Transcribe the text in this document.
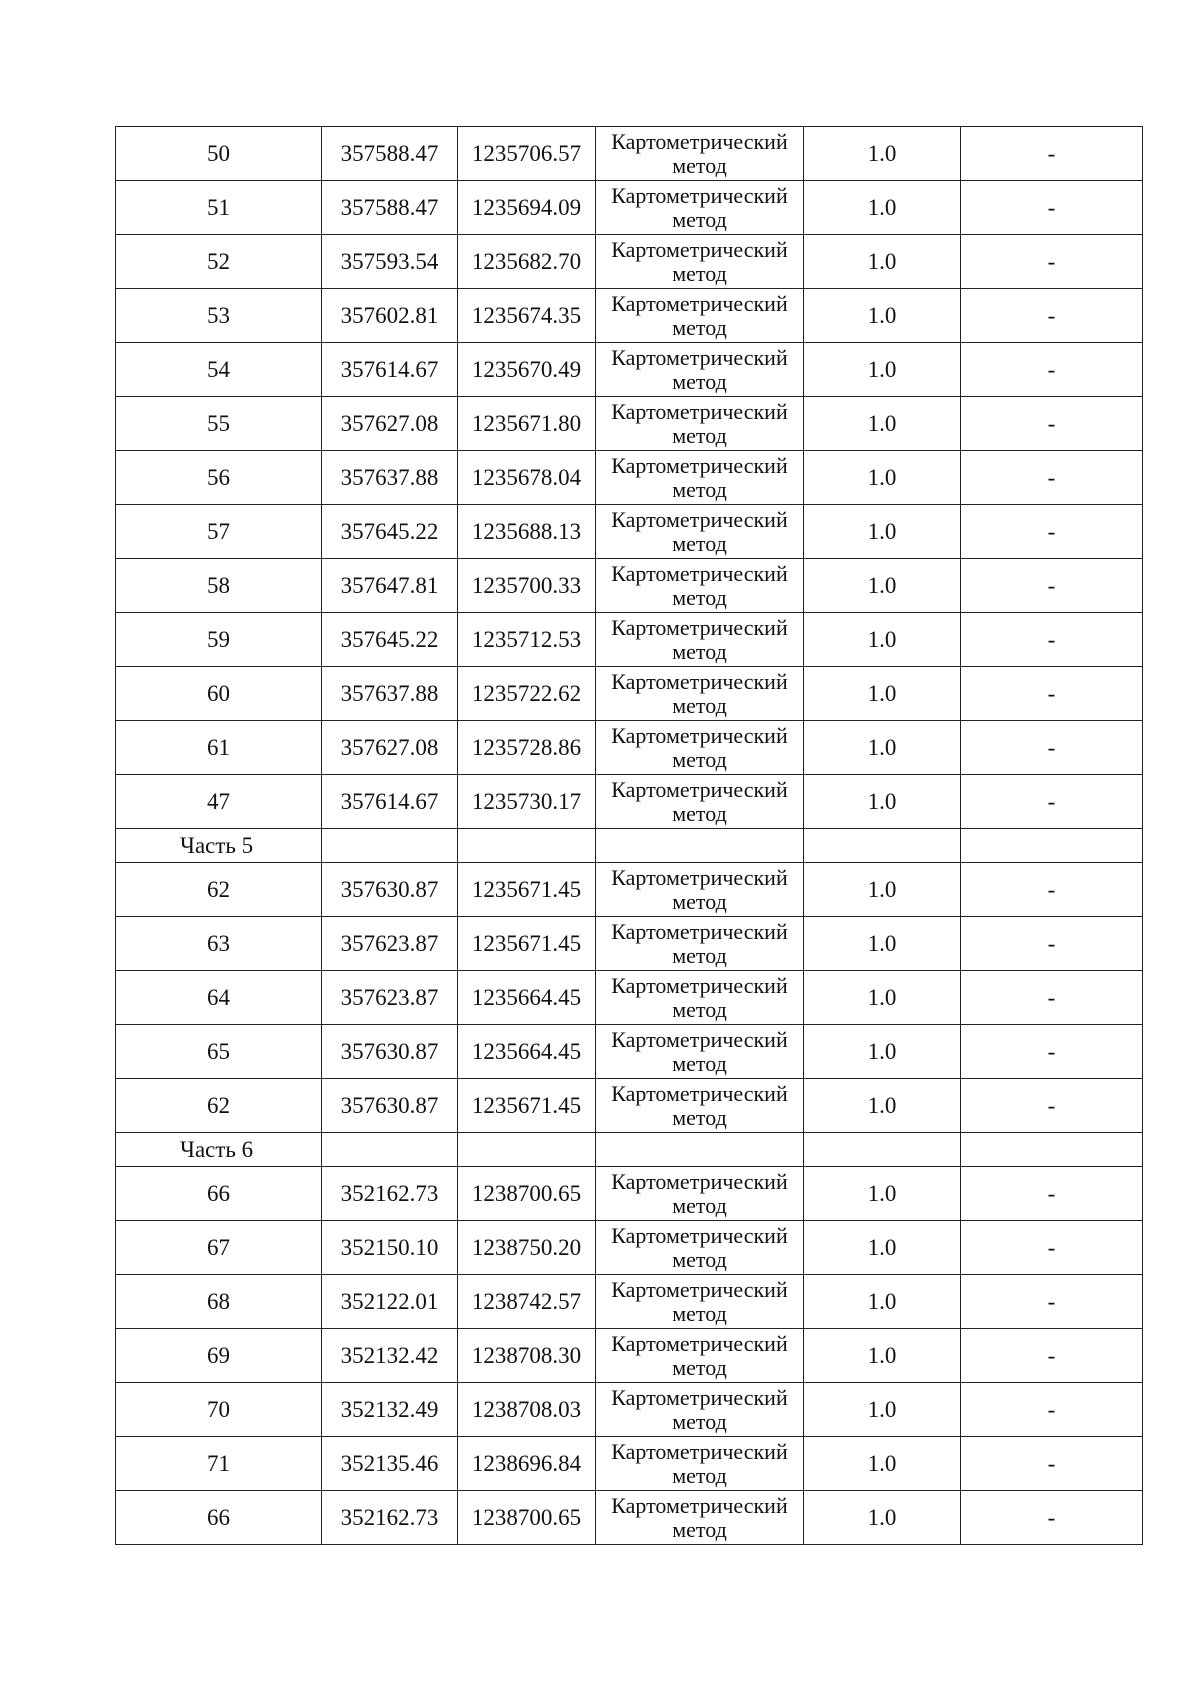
50	357588.47	1235706.57	Картометрический метод	1.0	-
51	357588.47	1235694.09	Картометрический метод	1.0	-
52	357593.54	1235682.70	Картометрический метод	1.0	-
53	357602.81	1235674.35	Картометрический метод	1.0	-
54	357614.67	1235670.49	Картометрический метод	1.0	-
55	357627.08	1235671.80	Картометрический метод	1.0	-
56	357637.88	1235678.04	Картометрический метод	1.0	-
57	357645.22	1235688.13	Картометрический метод	1.0	-
58	357647.81	1235700.33	Картометрический метод	1.0	-
59	357645.22	1235712.53	Картометрический метод	1.0	-
60	357637.88	1235722.62	Картометрический метод	1.0	-
61	357627.08	1235728.86	Картометрический метод	1.0	-
47	357614.67	1235730.17	Картометрический метод	1.0	-
Часть 5					
62	357630.87	1235671.45	Картометрический метод	1.0	-
63	357623.87	1235671.45	Картометрический метод	1.0	-
64	357623.87	1235664.45	Картометрический метод	1.0	-
65	357630.87	1235664.45	Картометрический метод	1.0	-
62	357630.87	1235671.45	Картометрический метод	1.0	-
Часть 6					
66	352162.73	1238700.65	Картометрический метод	1.0	-
67	352150.10	1238750.20	Картометрический метод	1.0	-
68	352122.01	1238742.57	Картометрический метод	1.0	-
69	352132.42	1238708.30	Картометрический метод	1.0	-
70	352132.49	1238708.03	Картометрический метод	1.0	-
71	352135.46	1238696.84	Картометрический метод	1.0	-
66	352162.73	1238700.65	Картометрический метод	1.0	-
